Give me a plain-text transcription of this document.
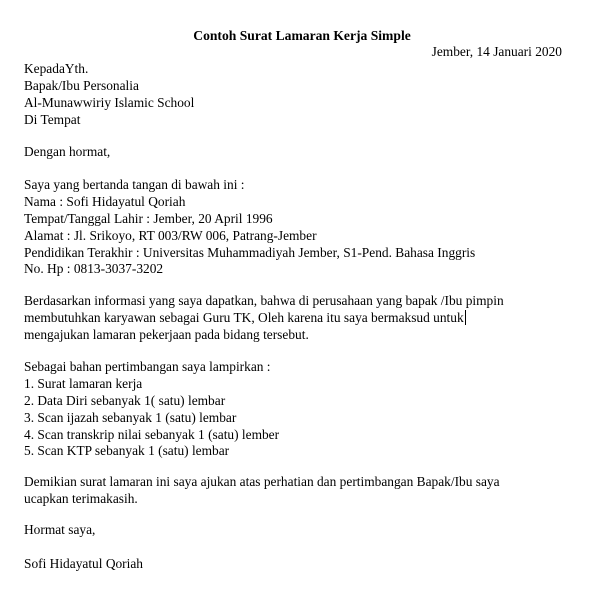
Contoh Surat Lamaran Kerja Simple
Jember, 14 Januari 2020
KepadaYth.
Bapak/Ibu Personalia
Al-Munawwiriy Islamic School
Di Tempat
Dengan hormat,
Saya yang bertanda tangan di bawah ini :
Nama : Sofi Hidayatul Qoriah
Tempat/Tanggal Lahir : Jember, 20 April 1996
Alamat : Jl. Srikoyo, RT 003/RW 006, Patrang-Jember
Pendidikan Terakhir : Universitas Muhammadiyah Jember, S1-Pend. Bahasa Inggris
No. Hp : 0813-3037-3202
Berdasarkan informasi yang saya dapatkan, bahwa di perusahaan yang bapak /Ibu pimpin
membutuhkan karyawan sebagai Guru TK, Oleh karena itu saya bermaksud untuk
mengajukan lamaran pekerjaan pada bidang tersebut.
Sebagai bahan pertimbangan saya lampirkan :
1. Surat lamaran kerja
2. Data Diri sebanyak 1( satu) lembar
3. Scan ijazah sebanyak 1 (satu) lembar
4. Scan transkrip nilai sebanyak 1 (satu) lember
5. Scan KTP sebanyak 1 (satu) lembar
Demikian surat lamaran ini saya ajukan atas perhatian dan pertimbangan Bapak/Ibu saya
ucapkan terimakasih.
Hormat saya,
Sofi Hidayatul Qoriah
